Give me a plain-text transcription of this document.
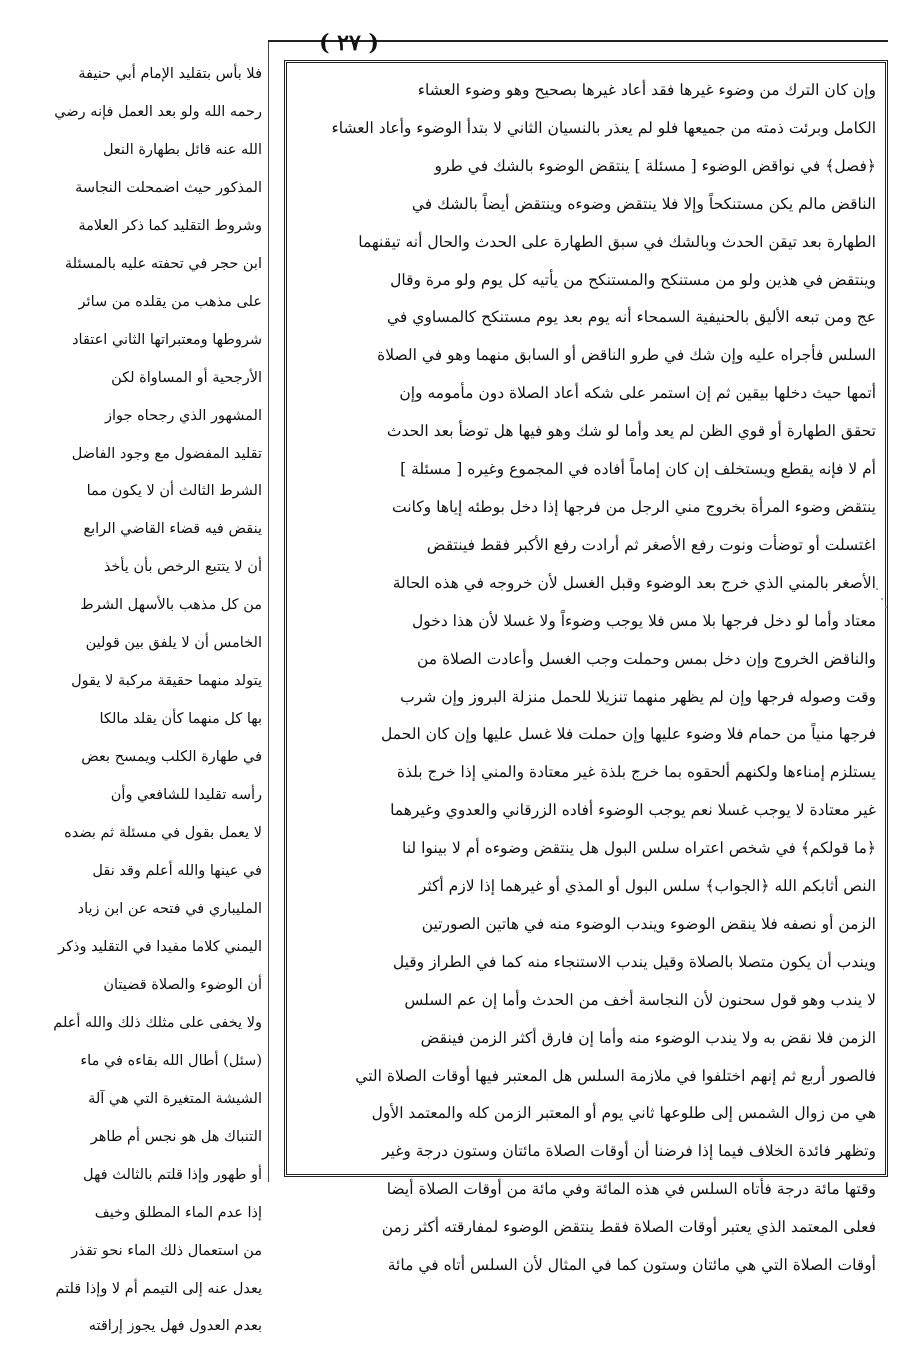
( ٢٧ )

وإن كان الترك من وضوء غيرها فقد أعاد غيرها بصحيح وهو وضوء العشاء

الكامل وبرئت ذمته من جميعها فلو لم يعذر بالنسيان الثاني لا بتدأ الوضوء وأعاد العشاء

﴿فصل﴾ في نواقض الوضوء [ مسئلة ] ينتقض الوضوء بالشك في طرو

الناقض مالم يكن مستنكحاً وإلا فلا ينتقض وضوءه وينتقض أيضاً بالشك في

الطهارة بعد تيقن الحدث وبالشك في سبق الطهارة على الحدث والحال أنه تيقنهما

وينتقض في هذين ولو من مستنكح والمستنكح من يأتيه كل يوم ولو مرة وقال

عج ومن تبعه الأليق بالحنيفية السمحاء أنه يوم بعد يوم مستنكح كالمساوي في

السلس فأجراه عليه وإن شك في طرو الناقض أو السابق منهما وهو في الصلاة

أتمها حيث دخلها بيقين ثم إن استمر على شكه أعاد الصلاة دون مأمومه وإن

تحقق الطهارة أو قوي الظن لم يعد وأما لو شك وهو فيها هل توضأ بعد الحدث

أم لا فإنه يقطع ويستخلف إن كان إماماً أفاده في المجموع وغيره [ مسئلة ]

ينتقض وضوء المرأة بخروج مني الرجل من فرجها إذا دخل بوطئه إياها وكانت

اغتسلت أو توضأت ونوت رفع الأصغر ثم أرادت رفع الأكبر فقط فينتقض

الأصغر بالمني الذي خرج بعد الوضوء وقبل الغسل لأن خروجه في هذه الحالة

معتاد وأما لو دخل فرجها بلا مس فلا يوجب وضوءاً ولا غسلا لأن هذا دخول

والناقض الخروج وإن دخل بمس وحملت وجب الغسل وأعادت الصلاة من

وقت وصوله فرجها وإن لم يظهر منهما تنزيلا للحمل منزلة البروز وإن شرب

فرجها منياً من حمام فلا وضوء عليها وإن حملت فلا غسل عليها وإن كان الحمل

يستلزم إمناءها ولكنهم ألحقوه بما خرج بلذة غير معتادة والمني إذا خرج بلذة

غير معتادة لا يوجب غسلا نعم يوجب الوضوء أفاده الزرقاني والعدوي وغيرهما

﴿ما قولكم﴾ في شخص اعتراه سلس البول هل ينتقض وضوءه أم لا بينوا لنا

النص أثابكم الله ﴿الجواب﴾ سلس البول أو المذي أو غيرهما إذا لازم أكثر

الزمن أو نصفه فلا ينقض الوضوء ويندب الوضوء منه في هاتين الصورتين

ويندب أن يكون متصلا بالصلاة وقيل يندب الاستنجاء منه كما في الطراز وقيل

لا يندب وهو قول سحنون لأن النجاسة أخف من الحدث وأما إن عم السلس

الزمن فلا نقض به ولا يندب الوضوء منه وأما إن فارق أكثر الزمن فينقض

فالصور أربع ثم إنهم اختلفوا في ملازمة السلس هل المعتبر فيها أوقات الصلاة التي

هي من زوال الشمس إلى طلوعها ثاني يوم أو المعتبر الزمن كله والمعتمد الأول

وتظهر فائدة الخلاف فيما إذا فرضنا أن أوقات الصلاة مائتان وستون درجة وغير

وقتها مائة درجة فأتاه السلس في هذه المائة وفي مائة من أوقات الصلاة أيضا

فعلى المعتمد الذي يعتبر أوقات الصلاة فقط ينتقض الوضوء لمفارقته أكثر زمن

أوقات الصلاة التي هي مائتان وستون كما في المثال لأن السلس أتاه في مائة

فلا بأس بتقليد الإمام أبي حنيفة

رحمه الله ولو بعد العمل فإنه رضي

الله عنه قائل بطهارة النعل

المذكور حيث اضمحلت النجاسة

وشروط التقليد كما ذكر العلامة

ابن حجر في تحفته عليه بالمسئلة

على مذهب من يقلده من سائر

شروطها ومعتبراتها الثاني اعتقاد

الأرجحية أو المساواة لكن

المشهور الذي رجحاه جواز

تقليد المفضول مع وجود الفاضل

الشرط الثالث أن لا يكون مما

ينقض فيه قضاء القاضي الرابع

أن لا يتتبع الرخص بأن يأخذ

من كل مذهب بالأسهل الشرط

الخامس أن لا يلفق بين قولين

يتولد منهما حقيقة مركبة لا يقول

بها كل منهما كأن يقلد مالكا

في طهارة الكلب ويمسح بعض

رأسه تقليدا للشافعي وأن

لا يعمل بقول في مسئلة ثم بضده

في عينها والله أعلم وقد نقل

المليباري في فتحه عن ابن زياد

اليمني كلاما مفيدا في التقليد وذكر

أن الوضوء والصلاة قضيتان

ولا يخفى على مثلك ذلك والله أعلم

(سئل) أطال الله بقاءه في ماء

الشيشة المتغيرة التي هي آلة

التنباك هل هو نجس أم طاهر

أو طهور وإذا قلتم بالثالث فهل

إذا عدم الماء المطلق وخيف

من استعمال ذلك الماء نحو تقذر

يعدل عنه إلى التيمم أم لا وإذا قلتم

بعدم العدول فهل يجوز إراقته
